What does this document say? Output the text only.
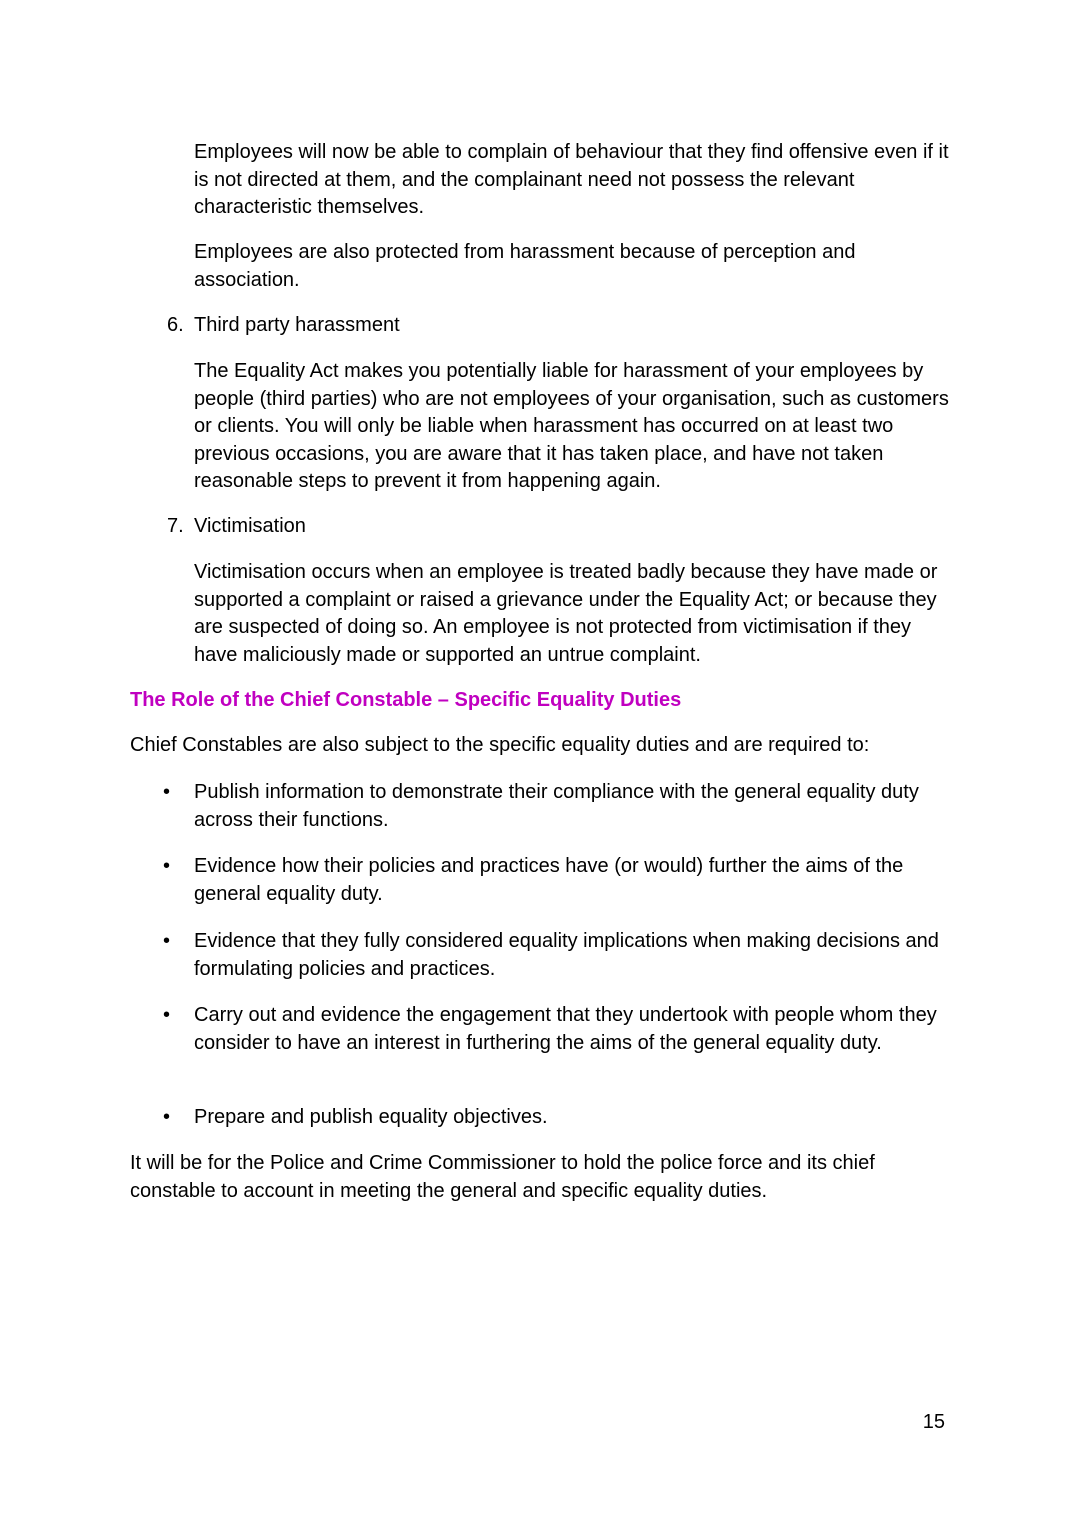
Employees will now be able to complain of behaviour that they find offensive even if it is not directed at them, and the complainant need not possess the relevant characteristic themselves.

Employees are also protected from harassment because of perception and association.

6. Third party harassment

The Equality Act makes you potentially liable for harassment of your employees by people (third parties) who are not employees of your organisation, such as customers or clients. You will only be liable when harassment has occurred on at least two previous occasions, you are aware that it has taken place, and have not taken reasonable steps to prevent it from happening again.

7. Victimisation

Victimisation occurs when an employee is treated badly because they have made or supported a complaint or raised a grievance under the Equality Act; or because they are suspected of doing so. An employee is not protected from victimisation if they have maliciously made or supported an untrue complaint.

The Role of the Chief Constable – Specific Equality Duties

Chief Constables are also subject to the specific equality duties and are required to:

• Publish information to demonstrate their compliance with the general equality duty across their functions.

• Evidence how their policies and practices have (or would) further the aims of the general equality duty.

• Evidence that they fully considered equality implications when making decisions and formulating policies and practices.

• Carry out and evidence the engagement that they undertook with people whom they consider to have an interest in furthering the aims of the general equality duty.

• Prepare and publish equality objectives.

It will be for the Police and Crime Commissioner to hold the police force and its chief constable to account in meeting the general and specific equality duties.

15
